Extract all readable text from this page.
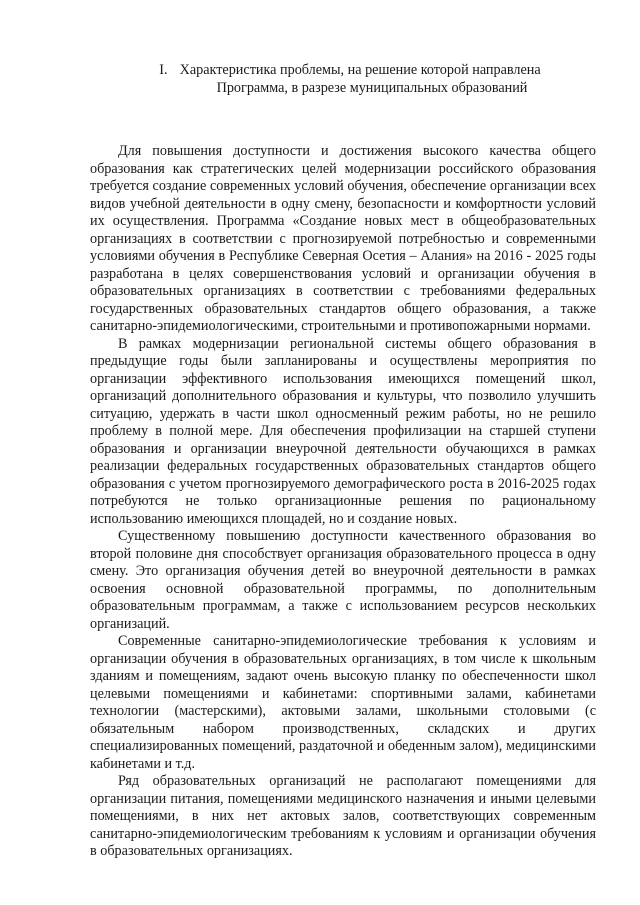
I. Характеристика проблемы, на решение которой направлена
Программа, в разрезе муниципальных образований

Для повышения доступности и достижения высокого качества общего образования как стратегических целей модернизации российского образования требуется создание современных условий обучения, обеспечение организации всех видов учебной деятельности в одну смену, безопасности и комфортности условий их осуществления. Программа «Создание новых мест в общеобразовательных организациях в соответствии с прогнозируемой потребностью и современными условиями обучения в Республике Северная Осетия – Алания» на 2016 - 2025 годы разработана в целях совершенствования условий и организации обучения в образовательных организациях в соответствии с требованиями федеральных государственных образовательных стандартов общего образования, а также санитарно-эпидемиологическими, строительными и противопожарными нормами.

В рамках модернизации региональной системы общего образования в предыдущие годы были запланированы и осуществлены мероприятия по организации эффективного использования имеющихся помещений школ, организаций дополнительного образования и культуры, что позволило улучшить ситуацию, удержать в части школ односменный режим работы, но не решило проблему в полной мере. Для обеспечения профилизации на старшей ступени образования и организации внеурочной деятельности обучающихся в рамках реализации федеральных государственных образовательных стандартов общего образования с учетом прогнозируемого демографического роста в 2016-2025 годах потребуются не только организационные решения по рациональному использованию имеющихся площадей, но и создание новых.

Существенному повышению доступности качественного образования во второй половине дня способствует организация образовательного процесса в одну смену. Это организация обучения детей во внеурочной деятельности в рамках освоения основной образовательной программы, по дополнительным образовательным программам, а также с использованием ресурсов нескольких организаций.

Современные санитарно-эпидемиологические требования к условиям и организации обучения в образовательных организациях, в том числе к школьным зданиям и помещениям, задают очень высокую планку по обеспеченности школ целевыми помещениями и кабинетами: спортивными залами, кабинетами технологии (мастерскими), актовыми залами, школьными столовыми (с обязательным набором производственных, складских и других специализированных помещений, раздаточной и обеденным залом), медицинскими кабинетами и т.д.

Ряд образовательных организаций не располагают помещениями для организации питания, помещениями медицинского назначения и иными целевыми помещениями, в них нет актовых залов, соответствующих современным санитарно-эпидемиологическим требованиям к условиям и организации обучения в образовательных организациях.
